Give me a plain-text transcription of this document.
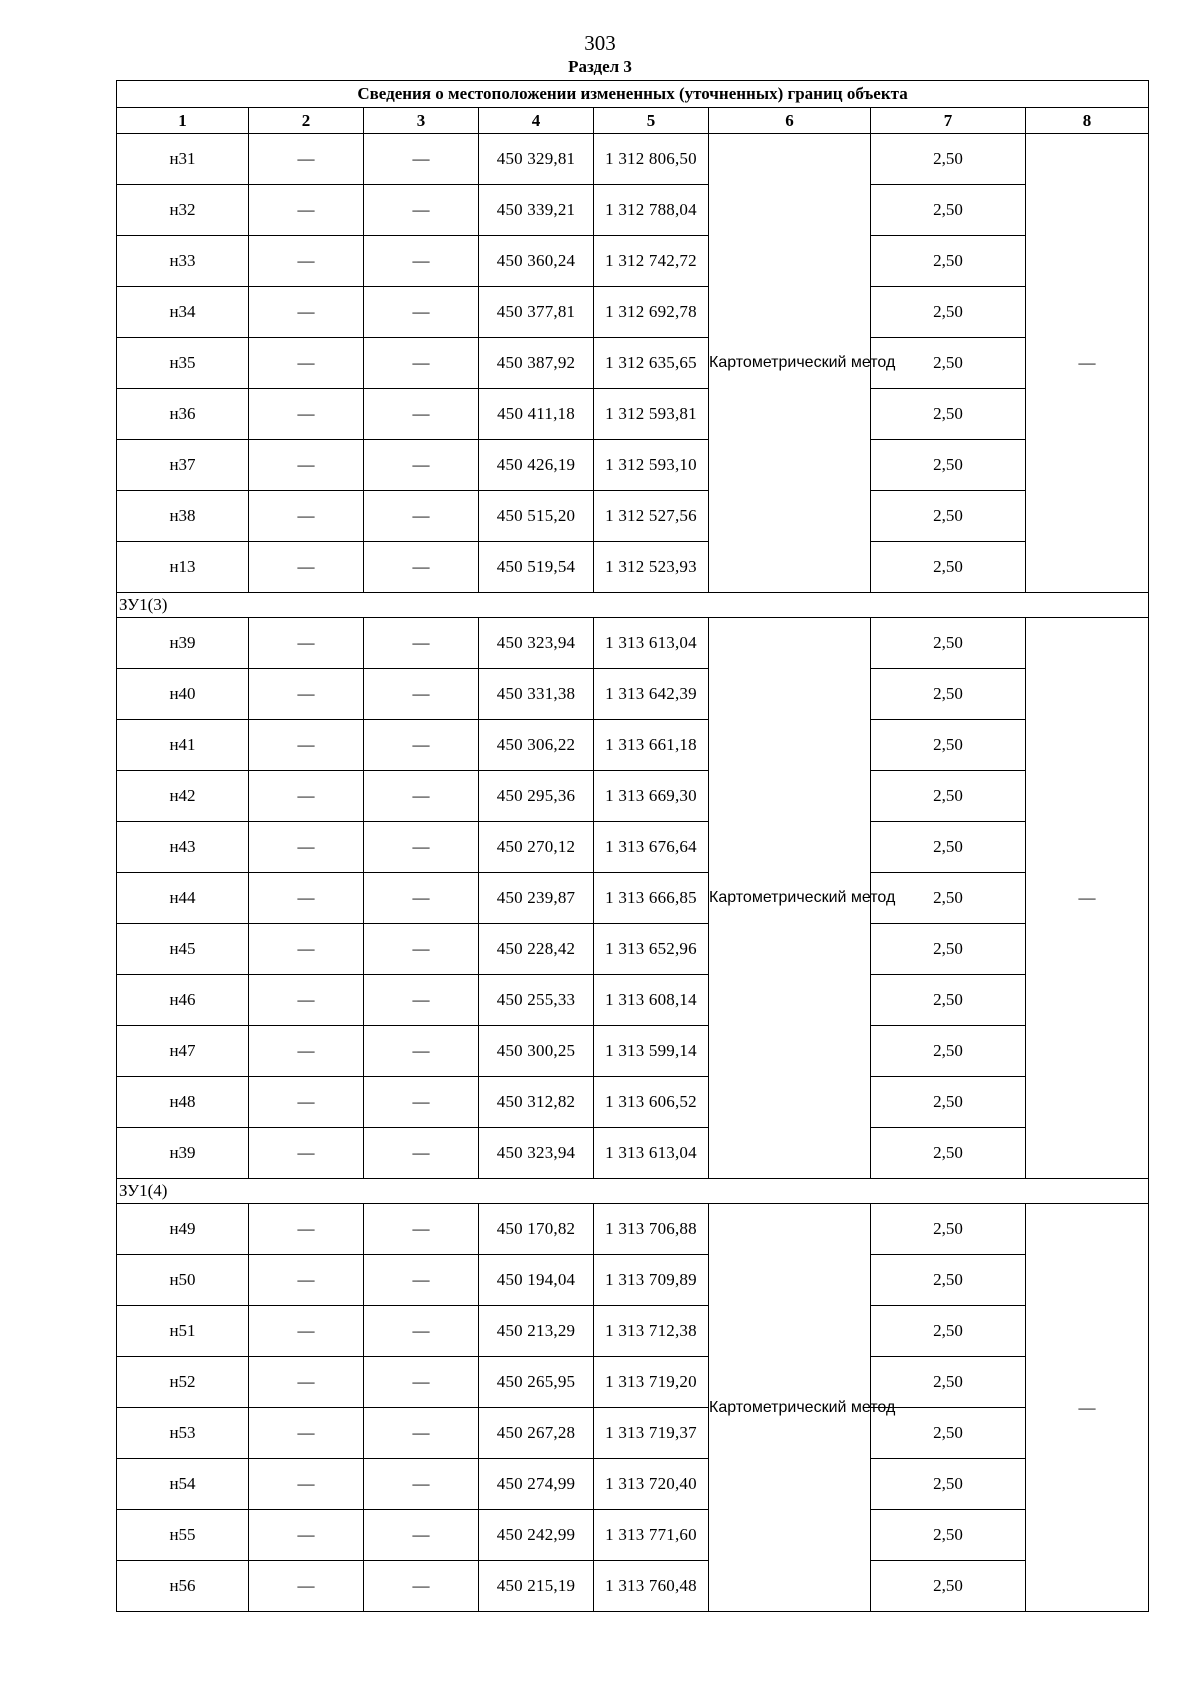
303
Раздел 3
Сведения о местоположении измененных (уточненных) границ объекта							
1	2	3	4	5	6	7	8
н31	—	—	450 329,81	1 312 806,50	Картометрический метод	2,50	—
н32	—	—	450 339,21	1 312 788,04		2,50	
н33	—	—	450 360,24	1 312 742,72		2,50	
н34	—	—	450 377,81	1 312 692,78		2,50	
н35	—	—	450 387,92	1 312 635,65		2,50	
н36	—	—	450 411,18	1 312 593,81		2,50	
н37	—	—	450 426,19	1 312 593,10		2,50	
н38	—	—	450 515,20	1 312 527,56		2,50	
н13	—	—	450 519,54	1 312 523,93		2,50	
ЗУ1(3)							
н39	—	—	450 323,94	1 313 613,04	Картометрический метод	2,50	—
н40	—	—	450 331,38	1 313 642,39		2,50	
н41	—	—	450 306,22	1 313 661,18		2,50	
н42	—	—	450 295,36	1 313 669,30		2,50	
н43	—	—	450 270,12	1 313 676,64		2,50	
н44	—	—	450 239,87	1 313 666,85		2,50	
н45	—	—	450 228,42	1 313 652,96		2,50	
н46	—	—	450 255,33	1 313 608,14		2,50	
н47	—	—	450 300,25	1 313 599,14		2,50	
н48	—	—	450 312,82	1 313 606,52		2,50	
н39	—	—	450 323,94	1 313 613,04		2,50	
ЗУ1(4)							
н49	—	—	450 170,82	1 313 706,88	Картометрический метод	2,50	—
н50	—	—	450 194,04	1 313 709,89		2,50	
н51	—	—	450 213,29	1 313 712,38		2,50	
н52	—	—	450 265,95	1 313 719,20		2,50	
н53	—	—	450 267,28	1 313 719,37		2,50	
н54	—	—	450 274,99	1 313 720,40		2,50	
н55	—	—	450 242,99	1 313 771,60		2,50	
н56	—	—	450 215,19	1 313 760,48		2,50	
